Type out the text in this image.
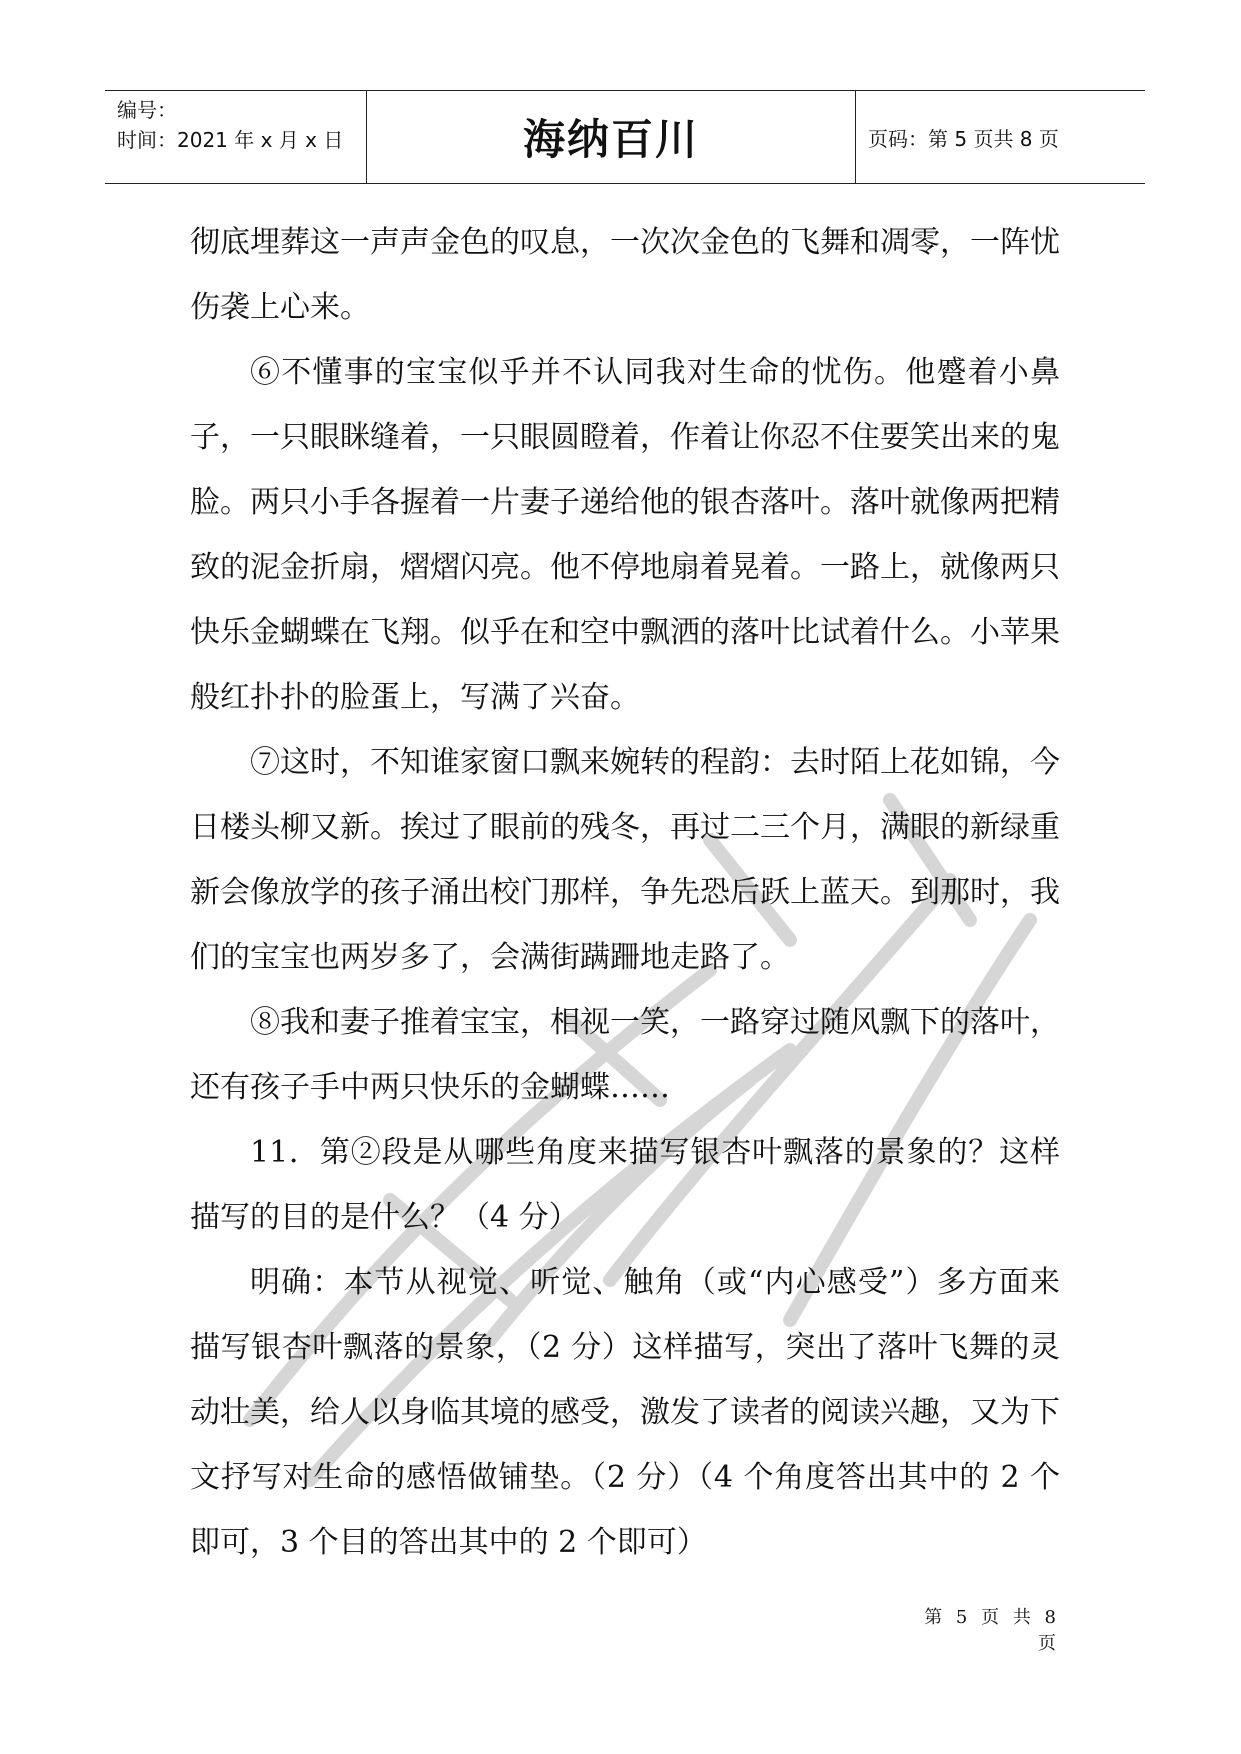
编号：
时间：2021 年 x 月 x 日	海纳百川	页码：第 5 页共 8 页

彻底埋葬这一声声金色的叹息，一次次金色的飞舞和凋零，一阵忧伤袭上心来。

⑥不懂事的宝宝似乎并不认同我对生命的忧伤。他蹙着小鼻子，一只眼眯缝着，一只眼圆瞪着，作着让你忍不住要笑出来的鬼脸。两只小手各握着一片妻子递给他的银杏落叶。落叶就像两把精致的泥金折扇，熠熠闪亮。他不停地扇着晃着。一路上，就像两只快乐金蝴蝶在飞翔。似乎在和空中飘洒的落叶比试着什么。小苹果般红扑扑的脸蛋上，写满了兴奋。

⑦这时，不知谁家窗口飘来婉转的程韵：去时陌上花如锦，今日楼头柳又新。挨过了眼前的残冬，再过二三个月，满眼的新绿重新会像放学的孩子涌出校门那样，争先恐后跃上蓝天。到那时，我们的宝宝也两岁多了，会满街蹒跚地走路了。

⑧我和妻子推着宝宝，相视一笑，一路穿过随风飘下的落叶，还有孩子手中两只快乐的金蝴蝶……

11．第②段是从哪些角度来描写银杏叶飘落的景象的？这样描写的目的是什么？（4 分）

明确：本节从视觉、听觉、触角（或“内心感受”）多方面来描写银杏叶飘落的景象，（2 分）这样描写，突出了落叶飞舞的灵动壮美，给人以身临其境的感受，激发了读者的阅读兴趣，又为下文抒写对生命的感悟做铺垫。（2 分）（4 个角度答出其中的 2 个即可，3 个目的答出其中的 2 个即可）

第 5 页 共 8 页
